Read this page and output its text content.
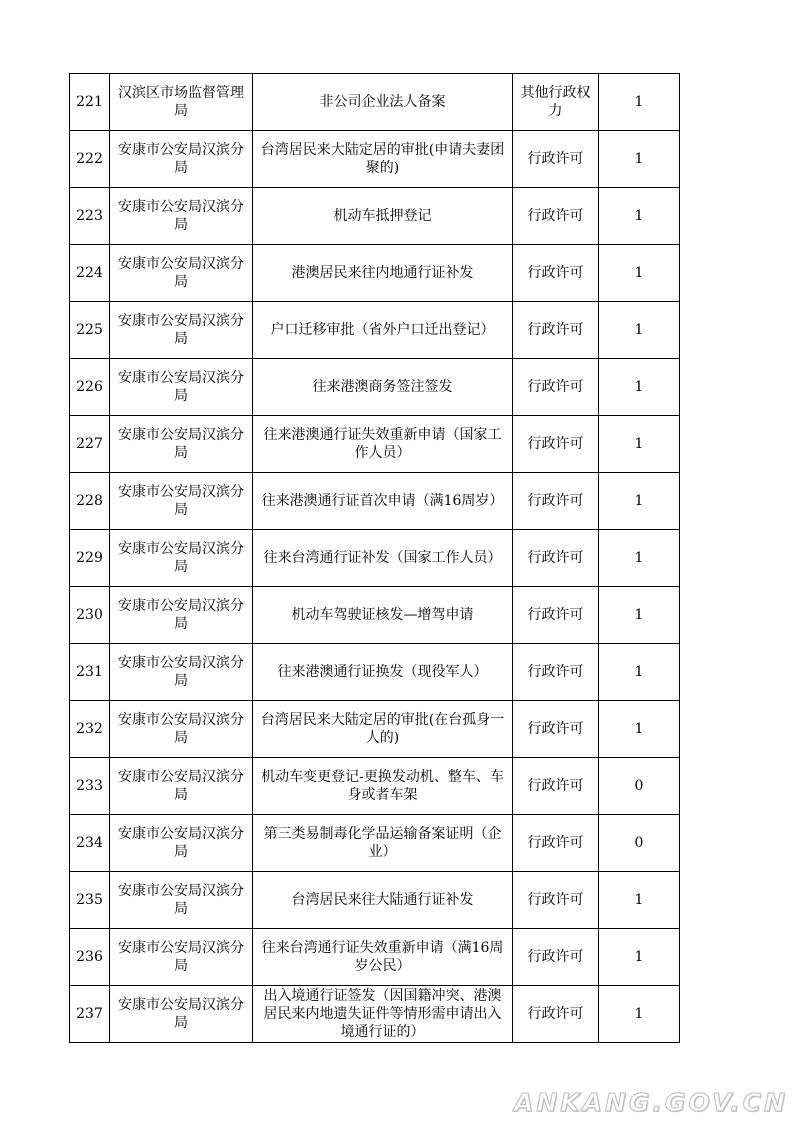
221	汉滨区市场监督管理局	非公司企业法人备案	其他行政权力	1
222	安康市公安局汉滨分局	台湾居民来大陆定居的审批(申请夫妻团聚的)	行政许可	1
223	安康市公安局汉滨分局	机动车抵押登记	行政许可	1
224	安康市公安局汉滨分局	港澳居民来往内地通行证补发	行政许可	1
225	安康市公安局汉滨分局	户口迁移审批（省外户口迁出登记）	行政许可	1
226	安康市公安局汉滨分局	往来港澳商务签注签发	行政许可	1
227	安康市公安局汉滨分局	往来港澳通行证失效重新申请（国家工作人员）	行政许可	1
228	安康市公安局汉滨分局	往来港澳通行证首次申请（满16周岁）	行政许可	1
229	安康市公安局汉滨分局	往来台湾通行证补发（国家工作人员）	行政许可	1
230	安康市公安局汉滨分局	机动车驾驶证核发—增驾申请	行政许可	1
231	安康市公安局汉滨分局	往来港澳通行证换发（现役军人）	行政许可	1
232	安康市公安局汉滨分局	台湾居民来大陆定居的审批(在台孤身一人的)	行政许可	1
233	安康市公安局汉滨分局	机动车变更登记-更换发动机、整车、车身或者车架	行政许可	0
234	安康市公安局汉滨分局	第三类易制毒化学品运输备案证明（企业）	行政许可	0
235	安康市公安局汉滨分局	台湾居民来往大陆通行证补发	行政许可	1
236	安康市公安局汉滨分局	往来台湾通行证失效重新申请（满16周岁公民）	行政许可	1
237	安康市公安局汉滨分局	出入境通行证签发（因国籍冲突、港澳居民来内地遗失证件等情形需申请出入境通行证的）	行政许可	1
ANKANG.GOV.CN
